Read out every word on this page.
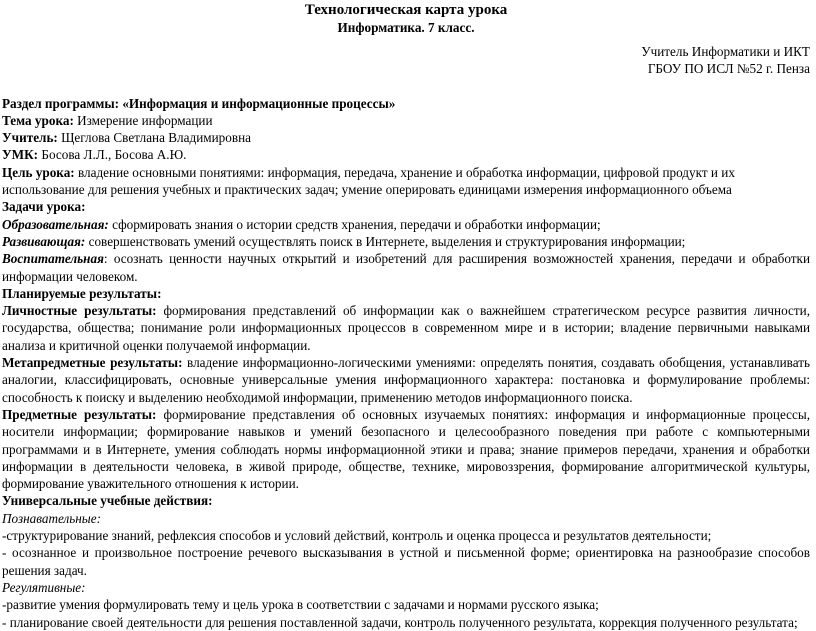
Технологическая карта урока
Информатика. 7 класс.
Учитель Информатики и ИКТ
ГБОУ ПО ИСЛ №52 г. Пенза
Раздел программы: «Информация и информационные процессы»
Тема урока: Измерение информации
Учитель: Щеглова Светлана Владимировна
УМК: Босова Л.Л., Босова А.Ю.
Цель урока: владение основными понятиями: информация, передача, хранение и обработка информации, цифровой продукт и их использование для решения учебных и практических задач; умение оперировать единицами измерения информационного объема
Задачи урока:
Образовательная: сформировать знания о истории средств хранения, передачи и обработки информации;
Развивающая: совершенствовать умений осуществлять поиск в Интернете, выделения и структурирования информации;
Воспитательная: осознать ценности научных открытий и изобретений для расширения возможностей хранения, передачи и обработки информации человеком.
Планируемые результаты:
Личностные результаты: формирования представлений об информации как о важнейшем стратегическом ресурсе развития личности, государства, общества; понимание роли информационных процессов в современном мире и в истории; владение первичными навыками анализа и критичной оценки получаемой информации.
Метапредметные результаты: владение информационно-логическими умениями: определять понятия, создавать обобщения, устанавливать аналогии, классифицировать, основные универсальные умения информационного характера: постановка и формулирование проблемы: способность к поиску и выделению необходимой информации, применению методов информационного поиска.
Предметные результаты: формирование представления об основных изучаемых понятиях: информация и информационные процессы, носители информации; формирование навыков и умений безопасного и целесообразного поведения при работе с компьютерными программами и в Интернете, умения соблюдать нормы информационной этики и права; знание примеров передачи, хранения и обработки информации в деятельности человека, в живой природе, обществе, технике, мировоззрения, формирование алгоритмической культуры, формирование уважительного отношения к истории.
Универсальные учебные действия:
Познавательные:
-структурирование знаний, рефлексия способов и условий действий, контроль и оценка процесса и результатов деятельности;
- осознанное и произвольное построение речевого высказывания в устной и письменной форме; ориентировка на разнообразие способов решения задач.
Регулятивные:
-развитие умения формулировать тему и цель урока в соответствии с задачами и нормами русского языка;
- планирование своей деятельности для решения поставленной задачи, контроль полученного результата, коррекция полученного результата;
